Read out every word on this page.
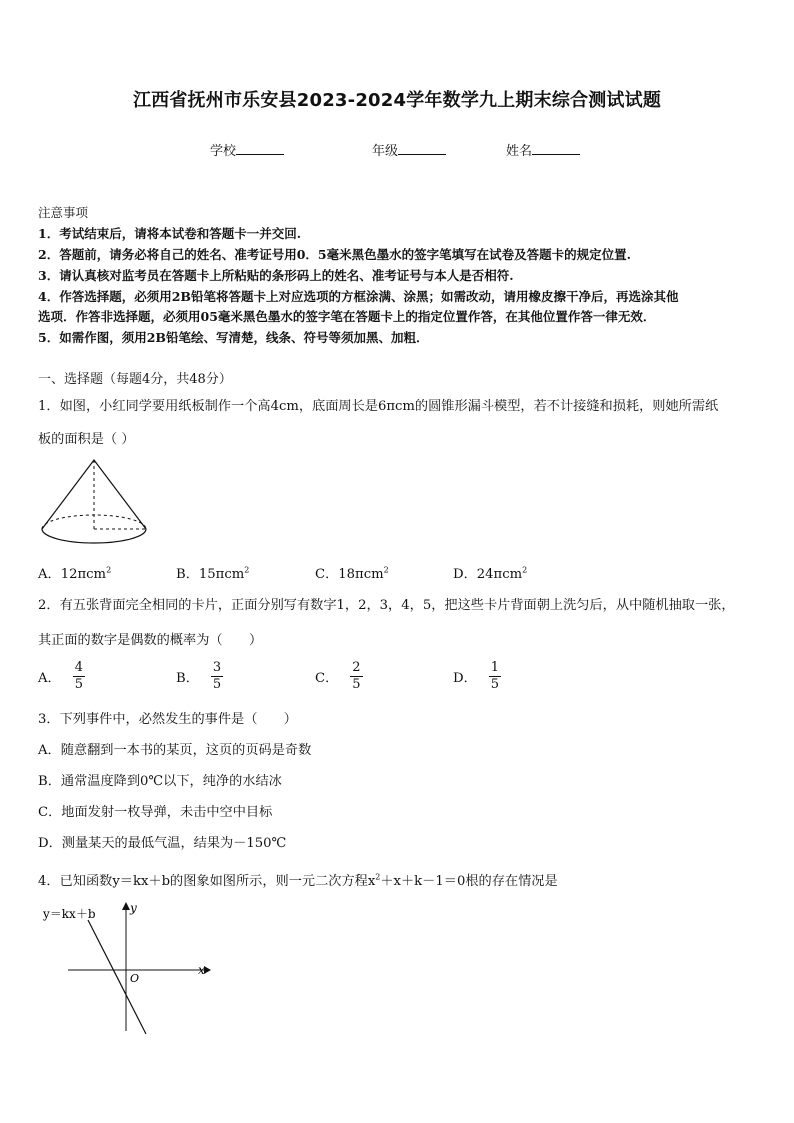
江西省抚州市乐安县2023-2024学年数学九上期末综合测试试题
学校	年级	姓名
注意事项
1．考试结束后，请将本试卷和答题卡一并交回.
2．答题前，请务必将自己的姓名、准考证号用0．5毫米黑色墨水的签字笔填写在试卷及答题卡的规定位置.
3．请认真核对监考员在答题卡上所粘贴的条形码上的姓名、准考证号与本人是否相符.
4．作答选择题，必须用2B铅笔将答题卡上对应选项的方框涂满、涂黑；如需改动，请用橡皮擦干净后，再选涂其他
选项．作答非选择题，必须用05毫米黑色墨水的签字笔在答题卡上的指定位置作答，在其他位置作答一律无效．
5．如需作图，须用2B铅笔绘、写清楚，线条、符号等须加黑、加粗．
一、选择题（每题4分，共48分）
1．如图，小红同学要用纸板制作一个高4cm，底面周长是6πcm的圆锥形漏斗模型，若不计接缝和损耗，则她所需纸
板的面积是（ ）
A．12πcm$^2$	B．15πcm$^2$	C．18πcm$^2$	D．24πcm$^2$
2．有五张背面完全相同的卡片，正面分别写有数字1，2，3，4，5，把这些卡片背面朝上洗匀后，从中随机抽取一张，
其正面的数字是偶数的概率为（　　）
A． $\frac{4}{5}$	B． $\frac{3}{5}$	C． $\frac{2}{5}$	D． $\frac{1}{5}$
3．下列事件中，必然发生的事件是（　　）
A．随意翻到一本书的某页，这页的页码是奇数
B．通常温度降到0℃以下，纯净的水结冰
C．地面发射一枚导弹，未击中空中目标
D．测量某天的最低气温，结果为－150℃
4．已知函数y＝kx＋b的图象如图所示，则一元二次方程$x^2+x+k-1=0$根的存在情况是
y＝kx＋b	y
x
O
